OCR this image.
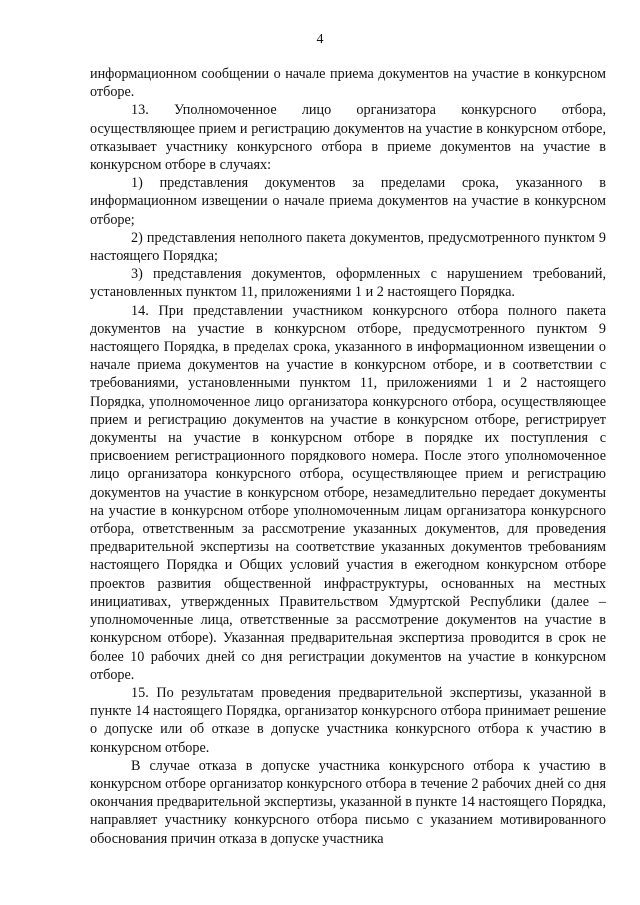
4

информационном сообщении о начале приема документов на участие в конкурсном отборе.

13. Уполномоченное лицо организатора конкурсного отбора, осуществляющее прием и регистрацию документов на участие в конкурсном отборе, отказывает участнику конкурсного отбора в приеме документов на участие в конкурсном отборе в случаях:

1) представления документов за пределами срока, указанного в информационном извещении о начале приема документов на участие в конкурсном отборе;

2) представления неполного пакета документов, предусмотренного пунктом 9 настоящего Порядка;

3) представления документов, оформленных с нарушением требований, установленных пунктом 11, приложениями 1 и 2 настоящего Порядка.

14. При представлении участником конкурсного отбора полного пакета документов на участие в конкурсном отборе, предусмотренного пунктом 9 настоящего Порядка, в пределах срока, указанного в информационном извещении о начале приема документов на участие в конкурсном отборе, и в соответствии с требованиями, установленными пунктом 11, приложениями 1 и 2 настоящего Порядка, уполномоченное лицо организатора конкурсного отбора, осуществляющее прием и регистрацию документов на участие в конкурсном отборе, регистрирует документы на участие в конкурсном отборе в порядке их поступления с присвоением регистрационного порядкового номера. После этого уполномоченное лицо организатора конкурсного отбора, осуществляющее прием и регистрацию документов на участие в конкурсном отборе, незамедлительно передает документы на участие в конкурсном отборе уполномоченным лицам организатора конкурсного отбора, ответственным за рассмотрение указанных документов, для проведения предварительной экспертизы на соответствие указанных документов требованиям настоящего Порядка и Общих условий участия в ежегодном конкурсном отборе проектов развития общественной инфраструктуры, основанных на местных инициативах, утвержденных Правительством Удмуртской Республики (далее – уполномоченные лица, ответственные за рассмотрение документов на участие в конкурсном отборе). Указанная предварительная экспертиза проводится в срок не более 10 рабочих дней со дня регистрации документов на участие в конкурсном отборе.

15. По результатам проведения предварительной экспертизы, указанной в пункте 14 настоящего Порядка, организатор конкурсного отбора принимает решение о допуске или об отказе в допуске участника конкурсного отбора к участию в конкурсном отборе.

В случае отказа в допуске участника конкурсного отбора к участию в конкурсном отборе организатор конкурсного отбора в течение 2 рабочих дней со дня окончания предварительной экспертизы, указанной в пункте 14 настоящего Порядка, направляет участнику конкурсного отбора письмо с указанием мотивированного обоснования причин отказа в допуске участника
